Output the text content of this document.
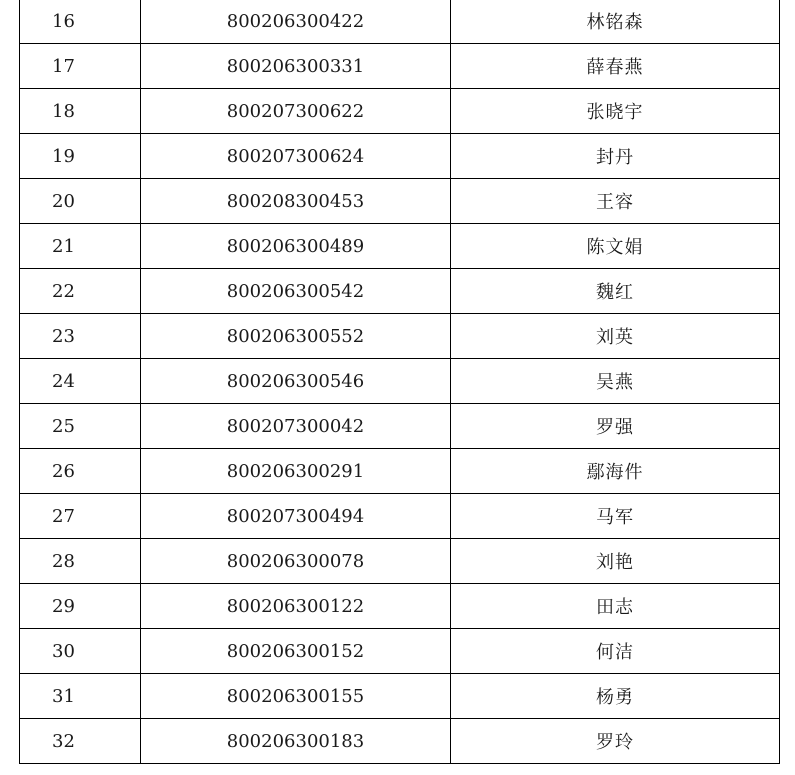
16	800206300422	林铭森
17	800206300331	薛春燕
18	800207300622	张晓宇
19	800207300624	封丹
20	800208300453	王容
21	800206300489	陈文娟
22	800206300542	魏红
23	800206300552	刘英
24	800206300546	吴燕
25	800207300042	罗强
26	800206300291	鄢海件
27	800207300494	马军
28	800206300078	刘艳
29	800206300122	田志
30	800206300152	何洁
31	800206300155	杨勇
32	800206300183	罗玲
